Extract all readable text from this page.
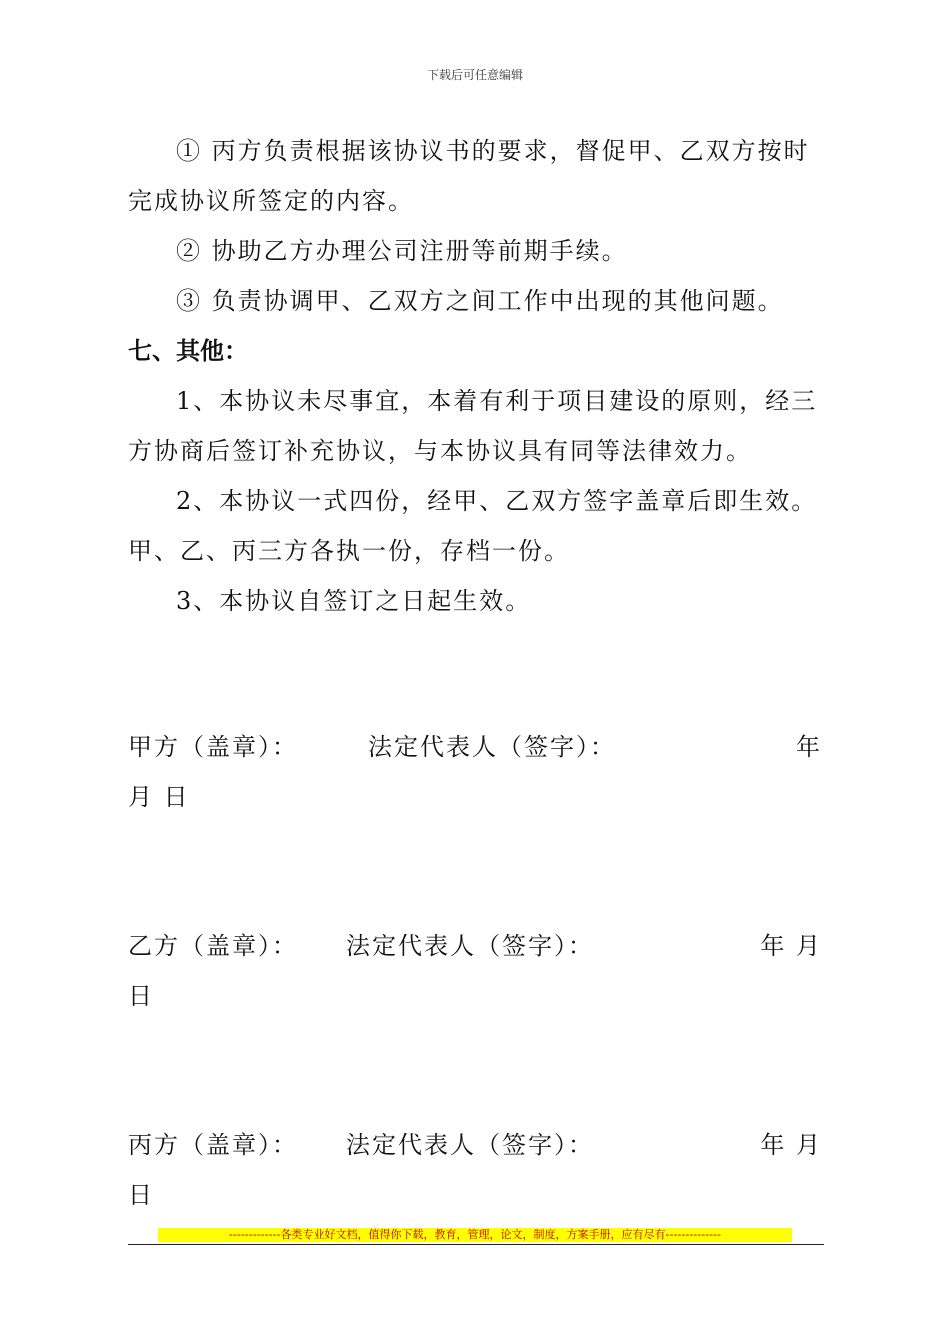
下载后可任意编辑

① 丙方负责根据该协议书的要求，督促甲、乙双方按时完成协议所签定的内容。

② 协助乙方办理公司注册等前期手续。

③ 负责协调甲、乙双方之间工作中出现的其他问题。

七、其他：

1、本协议未尽事宜，本着有利于项目建设的原则，经三方协商后签订补充协议，与本协议具有同等法律效力。

2、本协议一式四份，经甲、乙双方签字盖章后即生效。甲、乙、丙三方各执一份，存档一份。

3、本协议自签订之日起生效。

甲方（盖章）：	法定代表人（签字）：	年
月 日
乙方（盖章）： 法定代表人（签字）：	年 月
日
丙方（盖章）： 法定代表人（签字）：	年 月
日
-------------各类专业好文档，值得你下载，教育，管理，论文，制度，方案手册，应有尽有--------------
